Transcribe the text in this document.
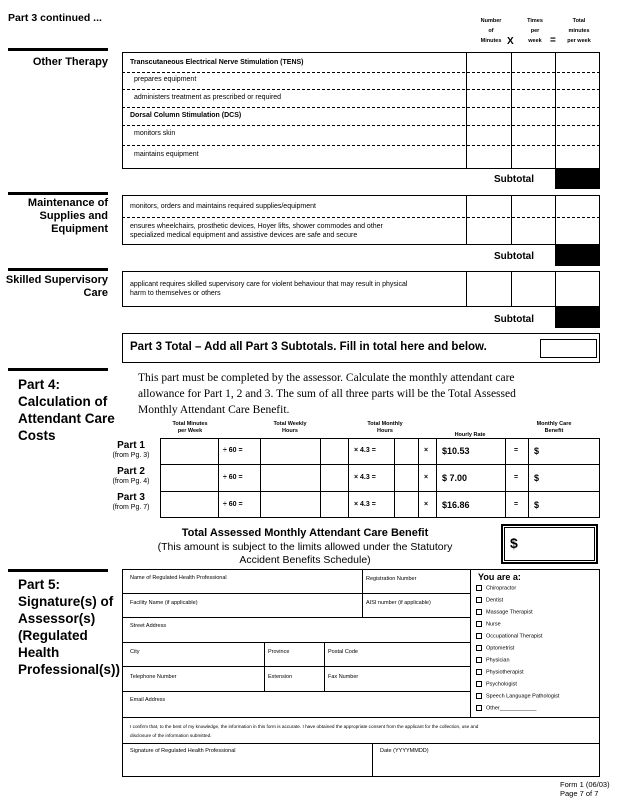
Part 3 continued ...	Number
of
Minutes X
Times
per
week =
Total
minutes
per week
Other Therapy	Transcutaneous Electrical Nerve Stimulation (TENS)
prepares equipment
administers treatment as prescribed or required
Dorsal Column Stimulation (DCS)
monitors skin
maintains equipment
Subtotal
Maintenance of
Supplies and
Equipment
monitors, orders and maintains required supplies/equipment
ensures wheelchairs, prosthetic devices, Hoyer lifts, shower commodes and other
specialized medical equipment and assistive devices are safe and secure
Subtotal
Skilled Supervisory
Care
applicant requires skilled supervisory care for violent behaviour that may result in physical
harm to themselves or others
Subtotal
Part 3 Total – Add all Part 3 Subtotals. Fill in total here and below.
Part 4:
Calculation of
Attendant Care
Costs
This part must be completed by the assessor. Calculate the monthly attendant care
allowance for Part 1, 2 and 3. The sum of all three parts will be the Total Assessed
Monthly Attendant Care Benefit.
Total Minutes
per Week
Total Weekly
Hours
Total Monthly
Hours
Hourly Rate
Monthly Care
Benefit
Part 1
(from Pg. 3)
÷ 60 =	× 4.3 =	× $10.53	= $
Part 2
(from Pg. 4)
÷ 60 =	× 4.3 =	× $ 7.00	= $
Part 3
(from Pg. 7)	÷ 60 =	× 4.3 =	× $16.86	= $
Total Assessed Monthly Attendant Care Benefit
(This amount is subject to the limits allowed under the Statutory
Accident Benefits Schedule)
$
Part 5:
Signature(s) of
Assessor(s)
(Regulated
Health
Professional(s))
Name of Regulated Health Professional	Registration Number
Facility Name (if applicable)	AISI number (if applicable)
Street Address
City	Province	Postal Code
Telephone Number	Extension	Fax Number
Email Address
I confirm that, to the best of my knowledge, the information in this form is accurate. I have obtained the appropriate consent from the applicant for the collection, use and
disclosure of the information submitted.
Signature of Regulated Health Professional	Date (YYYYMMDD)
You are a:
Chiropractor
Dentist
Massage Therapist
Nurse
Occupational Therapist
Optometrist
Physician
Physiotherapist
Psychologist
Speech Language Pathologist
Other____________
Form 1 (06/03)
Page 7 of 7
